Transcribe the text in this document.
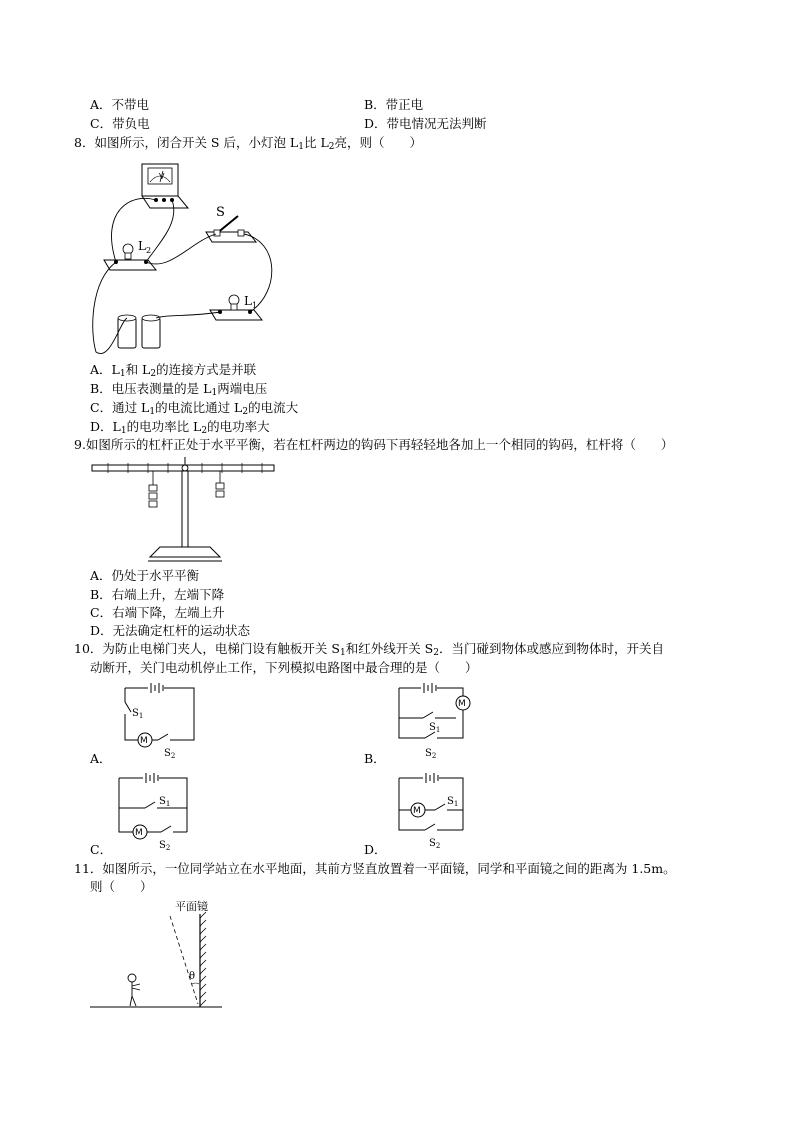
A．不带电	B．带正电
C．带负电	D．带电情况无法判断
8．如图所示，闭合开关 S 后，小灯泡 $L_1$比 $L_2$亮，则（　　）
V
$L_2$
S
$L_1$
A．$L_1$和 $L_2$的连接方式是并联
B．电压表测量的是 $L_1$两端电压
C．通过 $L_1$的电流比通过 $L_2$的电流大
D．$L_1$的电功率比 $L_2$的电功率大
9.如图所示的杠杆正处于水平平衡，若在杠杆两边的钩码下再轻轻地各加上一个相同的钩码，杠杆将（　　）
A．仍处于水平平衡
B．右端上升，左端下降
C．右端下降，左端上升
D．无法确定杠杆的运动状态
10．为防止电梯门夹人，电梯门设有触板开关 $S_1$和红外线开关 $S_2$．当门碰到物体或感应到物体时，开关自
动断开，关门电动机停止工作，下列模拟电路图中最合理的是（　　）
M
$S_1$
$S_2$
A．
M
$S_1$
$S_2$
B．
M
$S_1$
$S_2$
C．
M
$S_1$
$S_2$
D．
11．如图所示，一位同学站立在水平地面，其前方竖直放置着一平面镜，同学和平面镜之间的距离为 1.5m。
则（　　）
平面镜
θ
